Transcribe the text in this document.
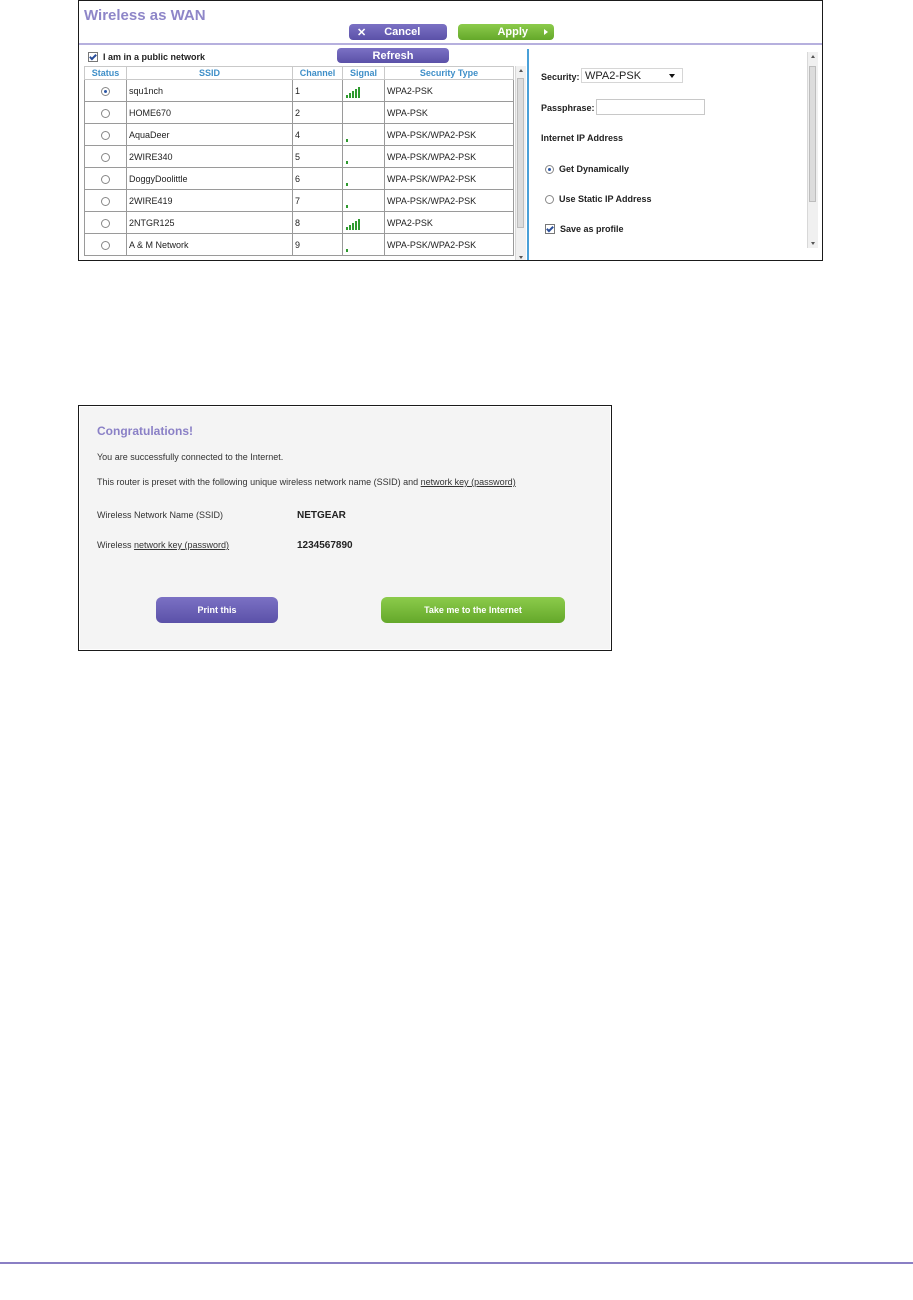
Wireless as WAN
✕ Cancel	Apply
I am in a public network	Refresh
Status	SSID	Channel	Signal	Security Type
	squ1nch	1		WPA2-PSK
	HOME670	2		WPA-PSK
	AquaDeer	4		WPA-PSK/WPA2-PSK
	2WIRE340	5		WPA-PSK/WPA2-PSK
	DoggyDoolittle	6		WPA-PSK/WPA2-PSK
	2WIRE419	7		WPA-PSK/WPA2-PSK
	2NTGR125	8		WPA2-PSK
	A & M Network	9		WPA-PSK/WPA2-PSK
Security: WPA2-PSK
Passphrase:
Internet IP Address
Get Dynamically
Use Static IP Address
Save as profile
Congratulations!
You are successfully connected to the Internet.
This router is preset with the following unique wireless network name (SSID) and network key (password)
Wireless Network Name (SSID)	NETGEAR
Wireless network key (password)	1234567890
Print this	Take me to the Internet
